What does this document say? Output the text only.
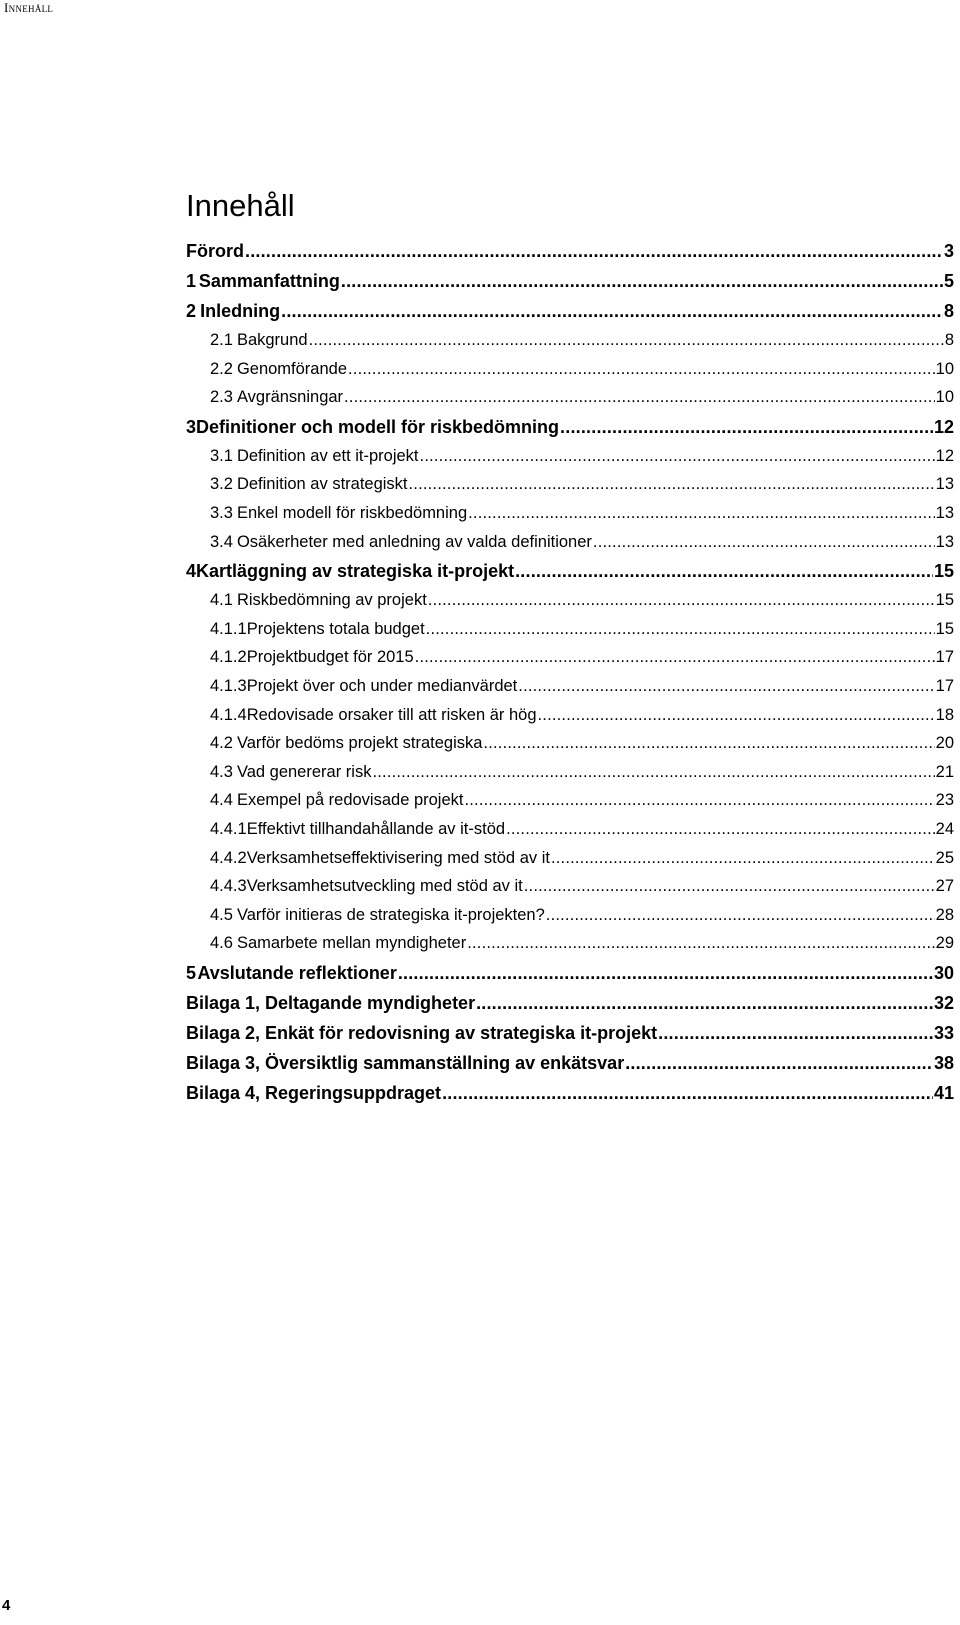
Innehåll
Innehåll
Förord .....	3
1 Sammanfattning .....	5
2 Inledning .....	8
2.1 Bakgrund .....	8
2.2 Genomförande .....	10
2.3 Avgränsningar .....	10
3 Definitioner och modell för riskbedömning .....	12
3.1 Definition av ett it-projekt .....	12
3.2 Definition av strategiskt .....	13
3.3 Enkel modell för riskbedömning .....	13
3.4 Osäkerheter med anledning av valda definitioner .....	13
4 Kartläggning av strategiska it-projekt .....	15
4.1 Riskbedömning av projekt .....	15
4.1.1 Projektens totala budget .....	15
4.1.2 Projektbudget för 2015 .....	17
4.1.3 Projekt över och under medianvärdet .....	17
4.1.4 Redovisade orsaker till att risken är hög .....	18
4.2 Varför bedöms projekt strategiska .....	20
4.3 Vad genererar risk .....	21
4.4 Exempel på redovisade projekt .....	23
4.4.1 Effektivt tillhandahållande av it-stöd .....	24
4.4.2 Verksamhetseffektivisering med stöd av it .....	25
4.4.3 Verksamhetsutveckling med stöd av it .....	27
4.5 Varför initieras de strategiska it-projekten? .....	28
4.6 Samarbete mellan myndigheter .....	29
5 Avslutande reflektioner .....	30
Bilaga 1, Deltagande myndigheter .....	32
Bilaga 2, Enkät för redovisning av strategiska it-projekt .....	33
Bilaga 3, Översiktlig sammanställning av enkätsvar .....	38
Bilaga 4, Regeringsuppdraget .....	41
4
